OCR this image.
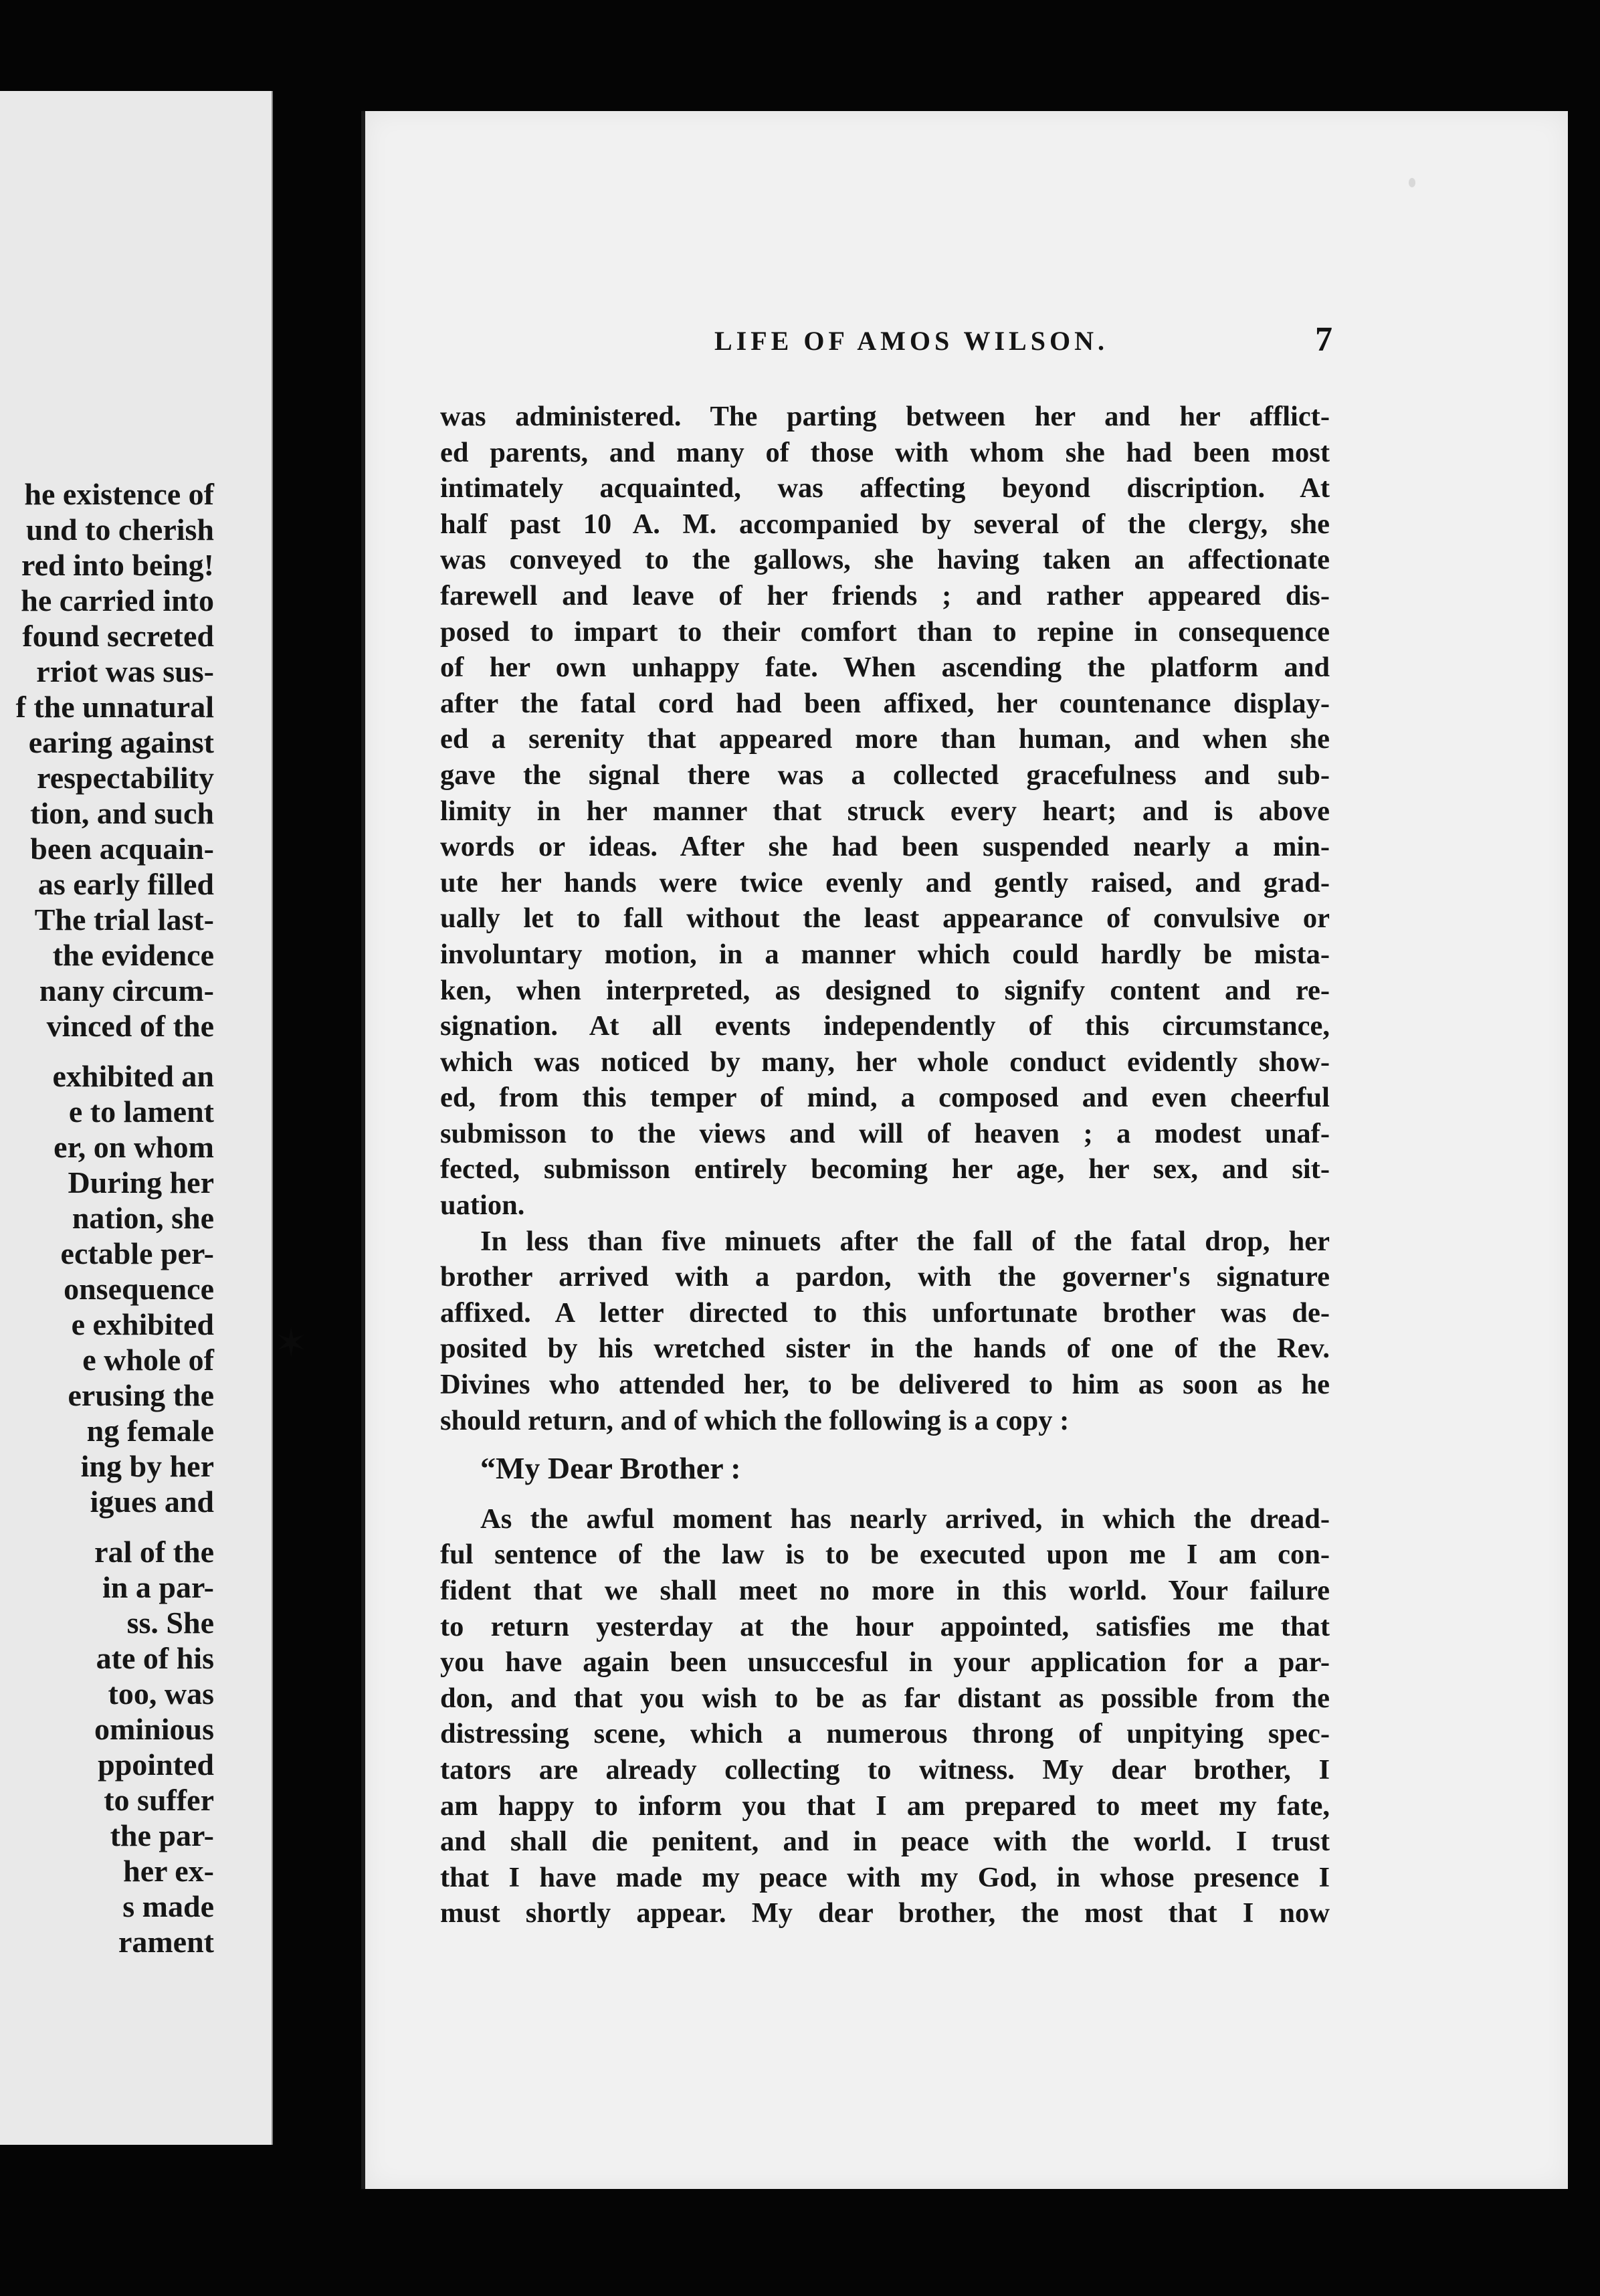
he existence of
und to cherish
red into being!
he carried into
found secreted
rriot was sus-
f the unnatural
earing against
respectability
tion, and such
been acquain-
as early filled
The trial last-
the evidence
nany circum-
vinced of the
exhibited an
e to lament
er, on whom
During her
nation, she
ectable per-
onsequence
e exhibited
e whole of
erusing the
ng female
ing by her
igues and
ral of the
in a par-
ss. She
ate of his
too, was
ominious
ppointed
to suffer
the par-
her ex-
s made
rament
✶
LIFE OF AMOS WILSON.	7
was administered. The parting between her and her afflict-
ed parents, and many of those with whom she had been most
intimately acquainted, was affecting beyond discription. At
half past 10 A. M. accompanied by several of the clergy, she
was conveyed to the gallows, she having taken an affectionate
farewell and leave of her friends ; and rather appeared dis-
posed to impart to their comfort than to repine in consequence
of her own unhappy fate. When ascending the platform and
after the fatal cord had been affixed, her countenance display-
ed a serenity that appeared more than human, and when she
gave the signal there was a collected gracefulness and sub-
limity in her manner that struck every heart; and is above
words or ideas. After she had been suspended nearly a min-
ute her hands were twice evenly and gently raised, and grad-
ually let to fall without the least appearance of convulsive or
involuntary motion, in a manner which could hardly be mista-
ken, when interpreted, as designed to signify content and re-
signation. At all events independently of this circumstance,
which was noticed by many, her whole conduct evidently show-
ed, from this temper of mind, a composed and even cheerful
submisson to the views and will of heaven ; a modest unaf-
fected, submisson entirely becoming her age, her sex, and sit-
uation.
In less than five minuets after the fall of the fatal drop, her
brother arrived with a pardon, with the governer's signature
affixed. A letter directed to this unfortunate brother was de-
posited by his wretched sister in the hands of one of the Rev.
Divines who attended her, to be delivered to him as soon as he
should return, and of which the following is a copy :
“My Dear Brother :
As the awful moment has nearly arrived, in which the dread-
ful sentence of the law is to be executed upon me I am con-
fident that we shall meet no more in this world. Your failure
to return yesterday at the hour appointed, satisfies me that
you have again been unsuccesful in your application for a par-
don, and that you wish to be as far distant as possible from the
distressing scene, which a numerous throng of unpitying spec-
tators are already collecting to witness. My dear brother, I
am happy to inform you that I am prepared to meet my fate,
and shall die penitent, and in peace with the world. I trust
that I have made my peace with my God, in whose presence I
must shortly appear. My dear brother, the most that I now
